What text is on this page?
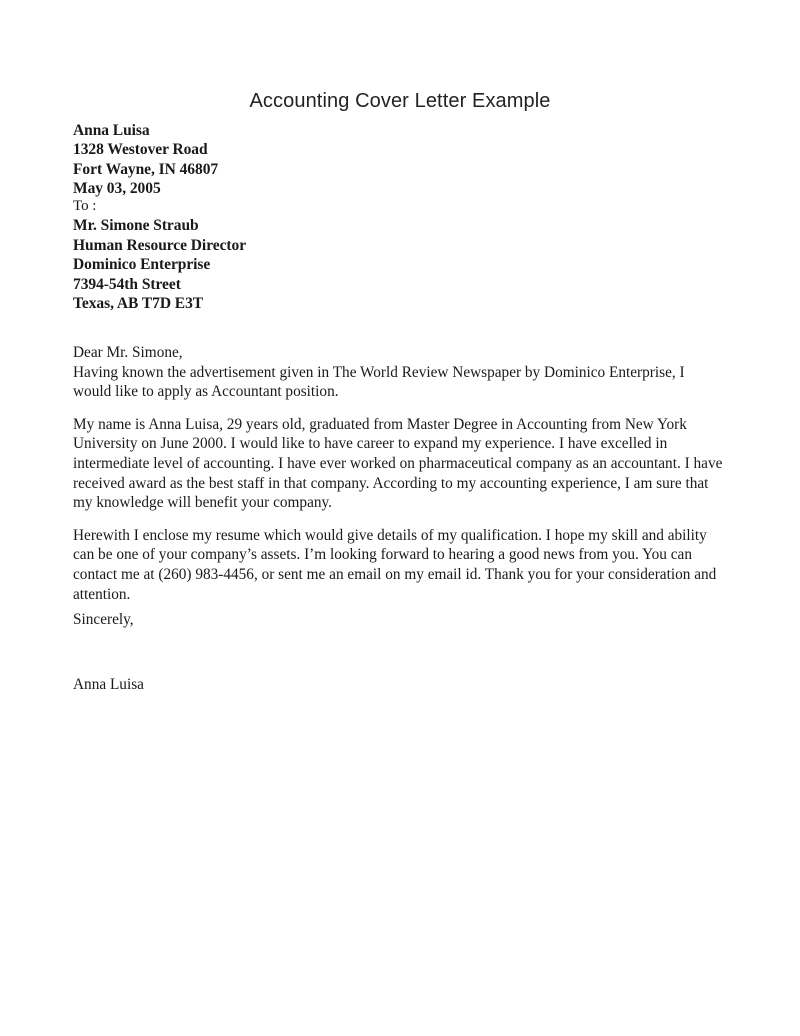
Accounting Cover Letter Example
Anna Luisa
1328 Westover Road
Fort Wayne, IN 46807
May 03, 2005
To :
Mr. Simone Straub
Human Resource Director
Dominico Enterprise
7394-54th Street
Texas, AB T7D E3T

Dear Mr. Simone,
Having known the advertisement given in The World Review Newspaper by Dominico Enterprise, I would like to apply as Accountant position.

My name is Anna Luisa, 29 years old, graduated from Master Degree in Accounting from New York University on June 2000. I would like to have career to expand my experience. I have excelled in intermediate level of accounting. I have ever worked on pharmaceutical company as an accountant. I have received award as the best staff in that company. According to my accounting experience, I am sure that my knowledge will benefit your company.

Herewith I enclose my resume which would give details of my qualification. I hope my skill and ability can be one of your company’s assets. I’m looking forward to hearing a good news from you. You can contact me at (260) 983-4456, or sent me an email on my email id. Thank you for your consideration and attention.

Sincerely,
Anna Luisa
